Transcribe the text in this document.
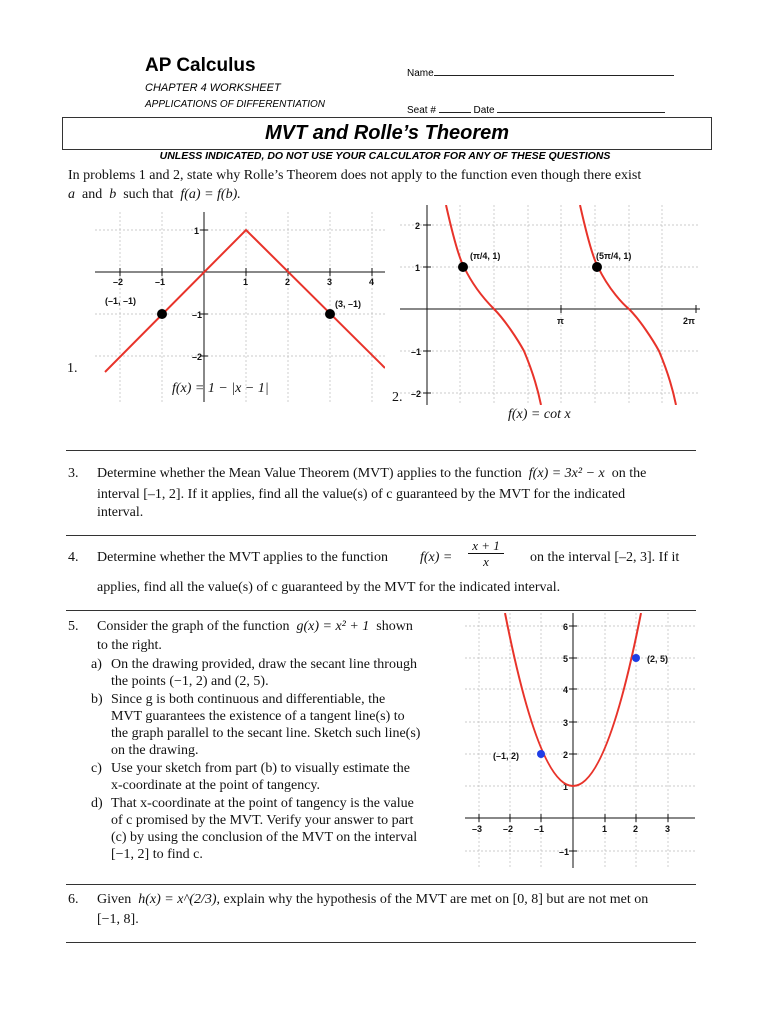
AP Calculus
CHAPTER 4 WORKSHEET
APPLICATIONS OF DIFFERENTIATION
Name
Seat #	Date
MVT and Rolle’s Theorem
UNLESS INDICATED, DO NOT USE YOUR CALCULATOR FOR ANY OF THESE QUESTIONS
In problems 1 and 2, state why Rolle’s Theorem does not apply to the function even though there exist
a and b such that f(a) = f(b).
–2	–1	1	2	3	4
1
–1
–2
(–1, –1)	(3, –1)
1.
f(x) = 1 − |x − 1|
2
1
–1
–2
π	2π
(π/4, 1)	(5π/4, 1)
2.
f(x) = cot x
3. Determine whether the Mean Value Theorem (MVT) applies to the function f(x) = 3x² − x on the
interval [–1, 2]. If it applies, find all the value(s) of c guaranteed by the MVT for the indicated
interval.
4. Determine whether the MVT applies to the function $f(x) = \frac{x + 1}{x}$ on the interval [–2, 3]. If it
applies, find all the value(s) of c guaranteed by the MVT for the indicated interval.
5. Consider the graph of the function g(x) = x² + 1 shown
to the right.
a) On the drawing provided, draw the secant line through
the points (−1, 2) and (2, 5).
b) Since g is both continuous and differentiable, the
MVT guarantees the existence of a tangent line(s) to
the graph parallel to the secant line. Sketch such line(s)
on the drawing.
c) Use your sketch from part (b) to visually estimate the
x-coordinate at the point of tangency.
d) That x-coordinate at the point of tangency is the value
of c promised by the MVT. Verify your answer to part
(c) by using the conclusion of the MVT on the interval
[−1, 2] to find c.
6
5
4
3
2
1
–1
–3 –2 –1	1	2	3
(–1, 2)
(2, 5)
6. Given h(x) = x^(2/3), explain why the hypothesis of the MVT are met on [0, 8] but are not met on
[−1, 8].
